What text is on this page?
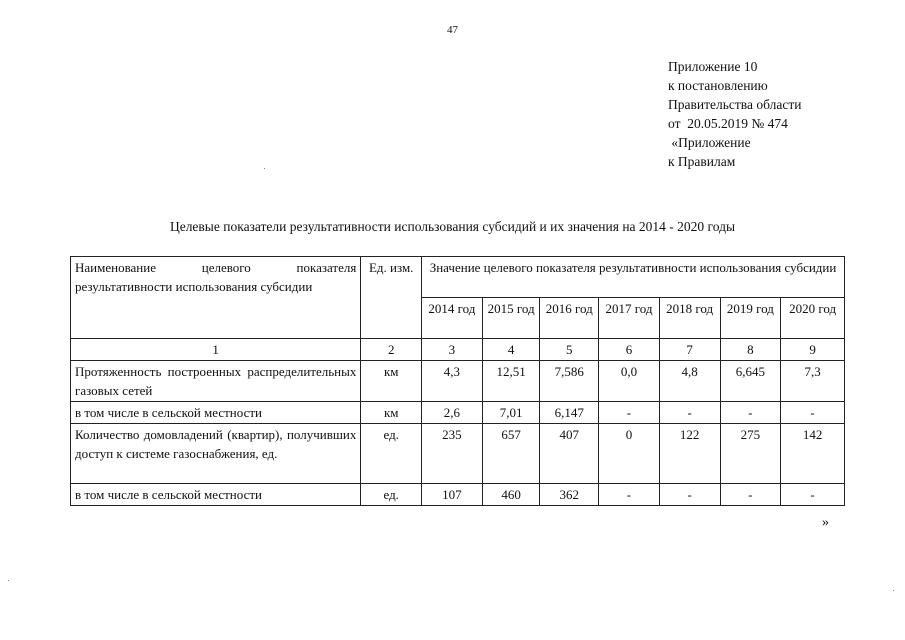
47
Приложение 10
к постановлению
Правительства области
от  20.05.2019 № 474
«Приложение
к Правилам
Целевые показатели результативности использования субсидий и их значения на 2014 - 2020 годы
Наименование целевого показателя результативности использования субсидии	Ед. изм.	Значение целевого показателя результативности использования субсидии						
		2014 год	2015 год	2016 год	2017 год	2018 год	2019 год	2020 год
1	2	3	4	5	6	7	8	9
Протяженность построенных распределительных газовых сетей	км	4,3	12,51	7,586	0,0	4,8	6,645	7,3
в том числе в сельской местности	км	2,6	7,01	6,147	-	-	-	-
Количество домовладений (квартир), получивших доступ к системе газоснабжения, ед.	ед.	235	657	407	0	122	275	142
в том числе в сельской местности	ед.	107	460	362	-	-	-	-
»
